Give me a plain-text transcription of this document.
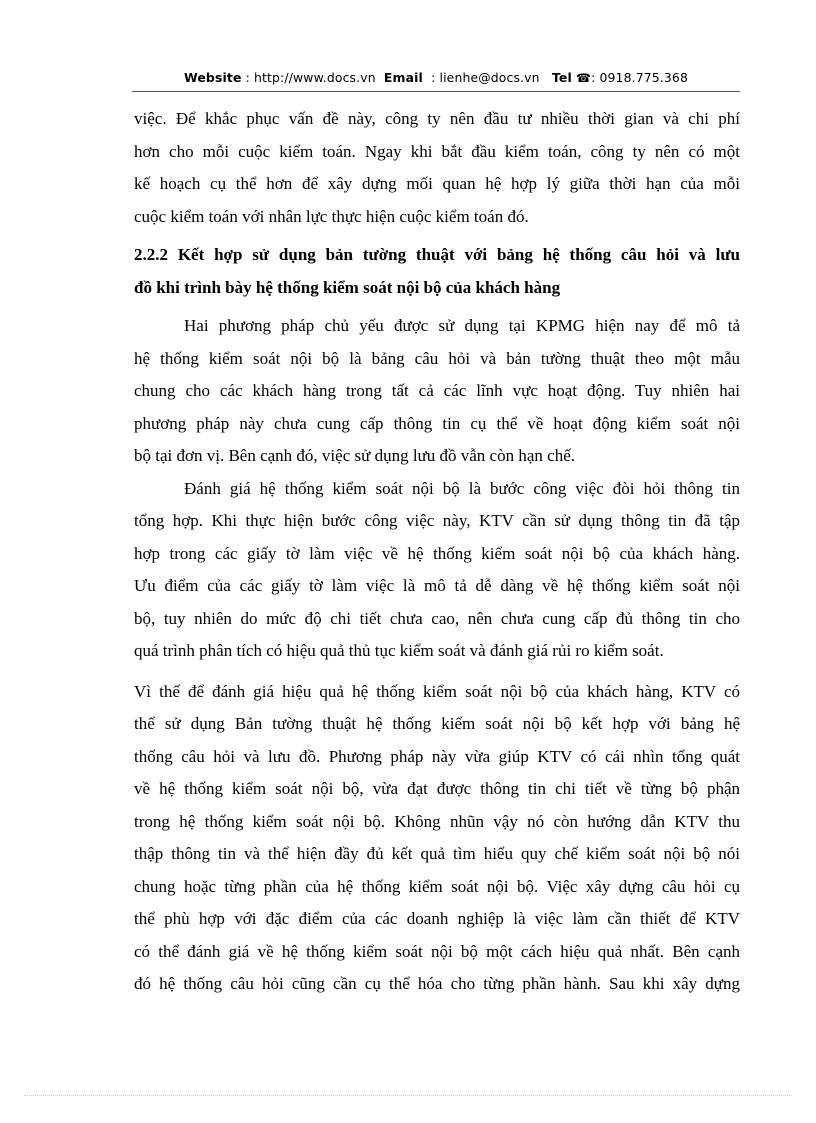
Website : http://www.docs.vn Email : lienhe@docs.vn Tel ☎: 0918.775.368
việc. Để khắc phục vấn đề này, công ty nên đầu tư nhiều thời gian và chi phí
hơn cho mỗi cuộc kiểm toán. Ngay khi bắt đầu kiểm toán, công ty nên có một
kế hoạch cụ thể hơn để xây dựng mối quan hệ hợp lý giữa thời hạn của mỗi
cuộc kiểm toán với nhân lực thực hiện cuộc kiểm toán đó.
2.2.2 Kết hợp sử dụng bản tường thuật với bảng hệ thống câu hỏi và lưu
đồ khi trình bày hệ thống kiểm soát nội bộ của khách hàng
Hai phương pháp chủ yếu được sử dụng tại KPMG hiện nay để mô tả
hệ thống kiểm soát nội bộ là bảng câu hỏi và bản tường thuật theo một mẫu
chung cho các khách hàng trong tất cả các lĩnh vực hoạt động. Tuy nhiên hai
phương pháp này chưa cung cấp thông tin cụ thể về hoạt động kiểm soát nội
bộ tại đơn vị. Bên cạnh đó, việc sử dụng lưu đồ vẫn còn hạn chế.
Đánh giá hệ thống kiểm soát nội bộ là bước công việc đòi hỏi thông tin
tổng hợp. Khi thực hiện bước công việc này, KTV cần sử dụng thông tin đã tập
hợp trong các giấy tờ làm việc về hệ thống kiểm soát nội bộ của khách hàng.
Ưu điểm của các giấy tờ làm việc là mô tả dễ dàng về hệ thống kiểm soát nội
bộ, tuy nhiên do mức độ chi tiết chưa cao, nên chưa cung cấp đủ thông tin cho
quá trình phân tích có hiệu quả thủ tục kiểm soát và đánh giá rủi ro kiểm soát.
Vì thế để đánh giá hiệu quả hệ thống kiểm soát nội bộ của khách hàng, KTV có
thể sử dụng Bản tường thuật hệ thống kiểm soát nội bộ kết hợp với bảng hệ
thống câu hỏi và lưu đồ. Phương pháp này vừa giúp KTV có cái nhìn tổng quát
về hệ thống kiểm soát nội bộ, vừa đạt được thông tin chi tiết về từng bộ phận
trong hệ thống kiểm soát nội bộ. Không nhũn vậy nó còn hướng dẫn KTV thu
thập thông tin và thể hiện đầy đủ kết quả tìm hiểu quy chế kiểm soát nội bộ nói
chung hoặc từng phần của hệ thống kiểm soát nội bộ. Việc xây dựng câu hỏi cụ
thể phù hợp với đặc điểm của các doanh nghiệp là việc làm cần thiết để KTV
có thể đánh giá về hệ thống kiểm soát nội bộ một cách hiệu quả nhất. Bên cạnh
đó hệ thống câu hỏi cũng cần cụ thể hóa cho từng phần hành. Sau khi xây dựng
